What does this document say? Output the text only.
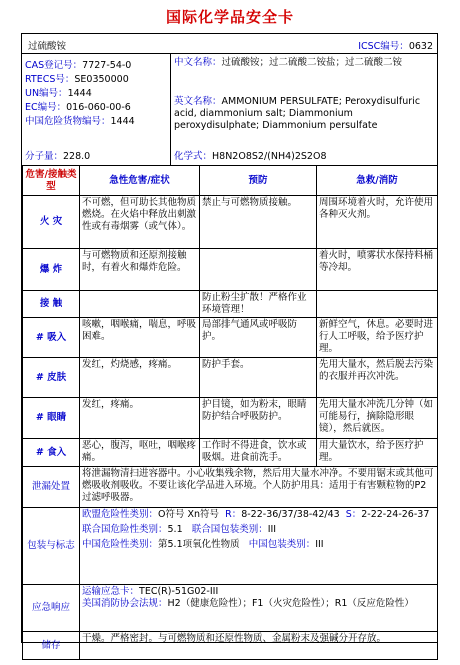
国际化学品安全卡
过硫酸铵	ICSC编号：0632
CAS登记号：7727-54-0
RTECS号：SE0350000
UN编号：1444
EC编号：016-060-00-6
中国危险货物编号：1444
分子量：228.0
中文名称：过硫酸铵；过二硫酸二铵盐；过二硫酸二铵
英文名称：AMMONIUM PERSULFATE; Peroxydisulfuric acid, diammonium salt; Diammonium peroxydisulphate; Diammonium persulfate
化学式：H8N2O8S2/(NH4)2S2O8
危害/接触类型	急性危害/症状	预防	急救/消防
火 灾	不可燃，但可助长其他物质燃烧。在火焰中释放出刺激性或有毒烟雾（或气体）。	禁止与可燃物质接触。	周围环境着火时，允许使用各种灭火剂。
爆 炸	与可燃物质和还原剂接触时，有着火和爆炸危险。		着火时，喷雾状水保持料桶等冷却。
接 触		防止粉尘扩散！严格作业环境管理！	
# 吸入	咳嗽，咽喉痛，喘息，呼吸困难。	局部排气通风或呼吸防护。	新鲜空气，休息。必要时进行人工呼吸，给予医疗护理。
# 皮肤	发红，灼烧感，疼痛。	防护手套。	先用大量水，然后脱去污染的衣服并再次冲洗。
# 眼睛	发红，疼痛。	护目镜，如为粉末，眼睛防护结合呼吸防护。	先用大量水冲洗几分钟（如可能易行，摘除隐形眼镜），然后就医。
# 食入	恶心，腹泻，呕吐，咽喉疼痛。	工作时不得进食，饮水或吸烟。进食前洗手。	用大量饮水，给予医疗护理。
泄漏处置	将泄漏物清扫进容器中。小心收集残余物，然后用大量水冲净。不要用锯末或其他可燃吸收剂吸收。不要让该化学品进入环境。个人防护用具：适用于有害颗粒物的P2过滤呼吸器。		
包装与标志	欧盟危险性类别：O符号 Xn符号 R：8-22-36/37/38-42/43 S：2-22-24-26-37
联合国危险性类别：5.1 联合国包装类别：III
中国危险性类别：第5.1项氧化性物质 中国包装类别：III		

应急响应	运输应急卡：TEC(R)-51G02-III
美国消防协会法规：H2（健康危险性）；F1（火灾危险性）；R1（反应危险性）		

储存	干燥。严格密封。与可燃物质和还原性物质、金属粉末及强碱分开存放。		
